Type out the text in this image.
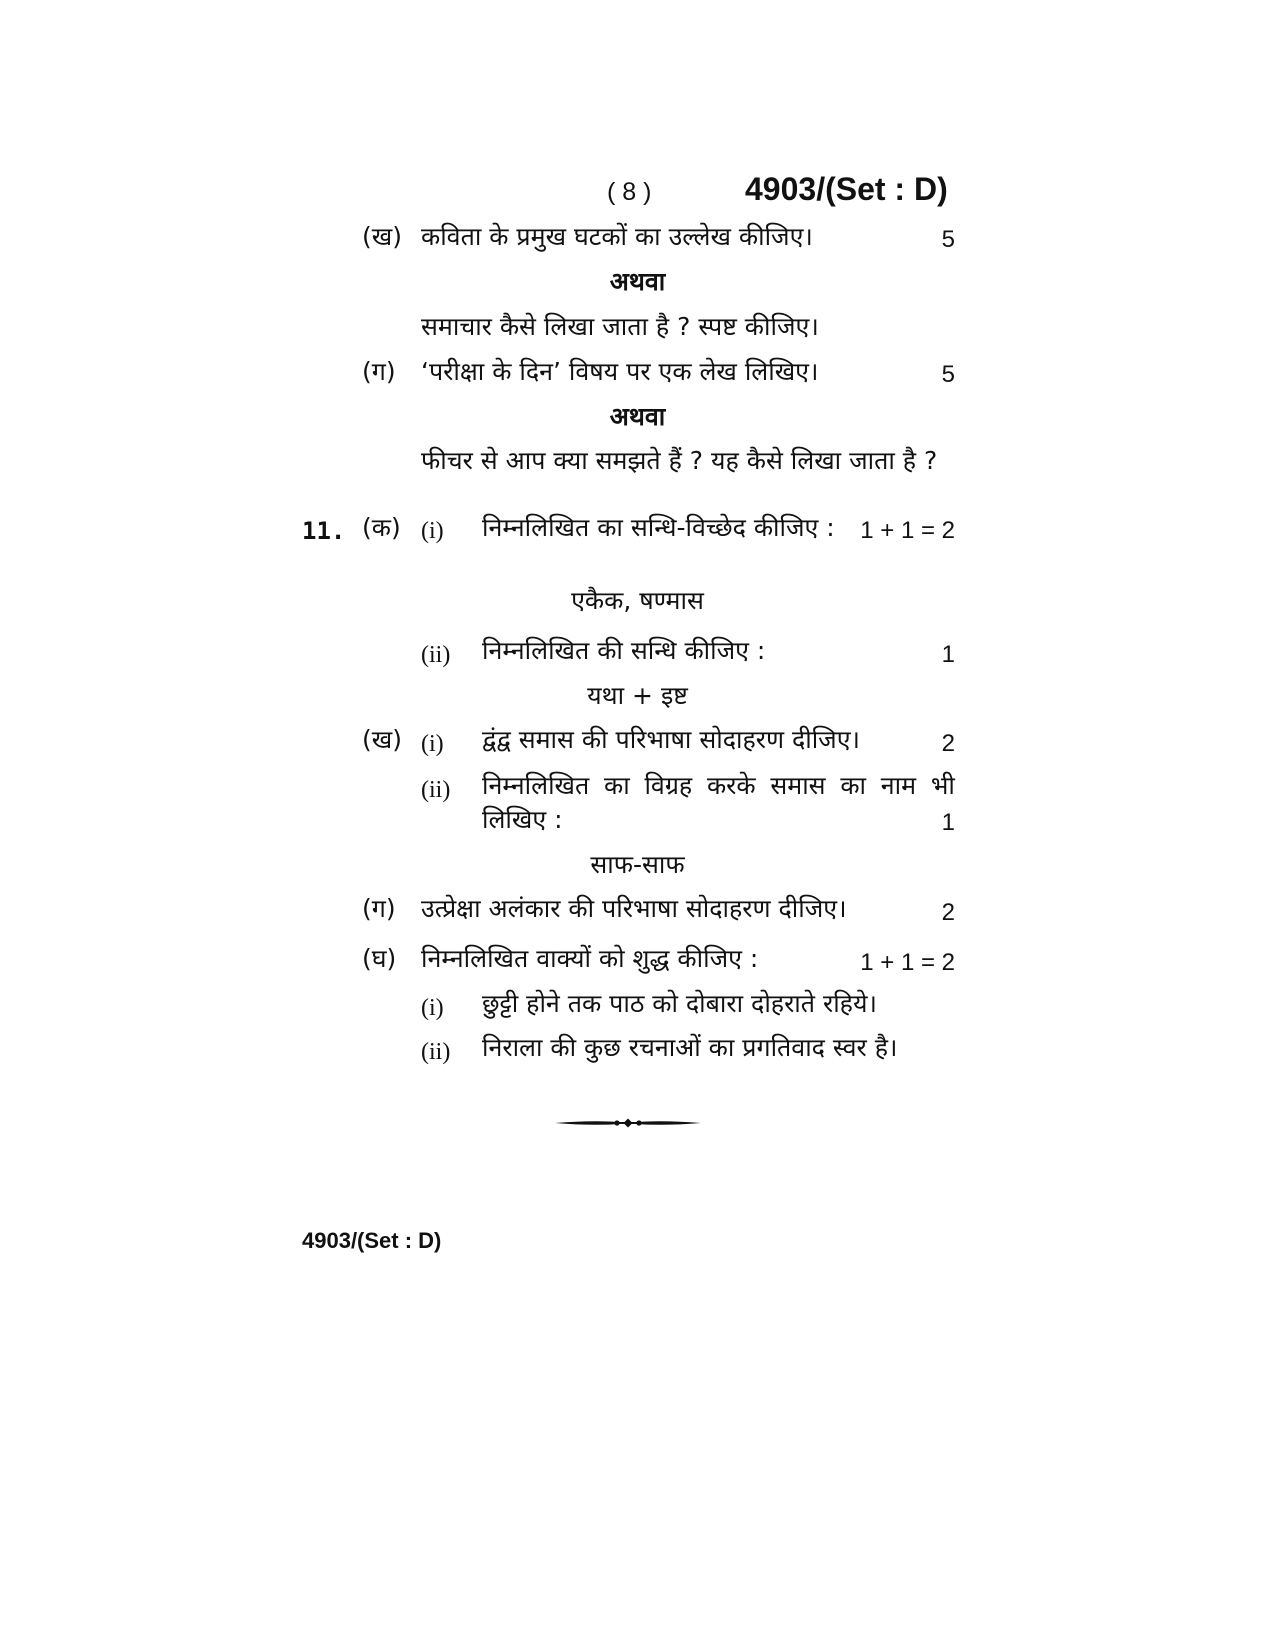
( 8 )	4903/(Set : D)
(ख) कविता के प्रमुख घटकों का उल्लेख कीजिए।	5
अथवा
समाचार कैसे लिखा जाता है ? स्पष्ट कीजिए।
(ग) ‘परीक्षा के दिन’ विषय पर एक लेख लिखिए।	5
अथवा
फीचर से आप क्या समझते हैं ? यह कैसे लिखा जाता है ?
11. (क) (i) निम्नलिखित का सन्धि-विच्छेद कीजिए : 1 + 1 = 2
एकैक, षण्मास
(ii) निम्नलिखित की सन्धि कीजिए :	1
यथा + इष्ट
(ख) (i) द्वंद्व समास की परिभाषा सोदाहरण दीजिए।	2
(ii) निम्नलिखित का विग्रह करके समास का नाम भी
लिखिए :	1
साफ-साफ
(ग) उत्प्रेक्षा अलंकार की परिभाषा सोदाहरण दीजिए।	2
(घ) निम्नलिखित वाक्यों को शुद्ध कीजिए :	1 + 1 = 2
(i) छुट्टी होने तक पाठ को दोबारा दोहराते रहिये।
(ii) निराला की कुछ रचनाओं का प्रगतिवाद स्वर है।
4903/(Set : D)
